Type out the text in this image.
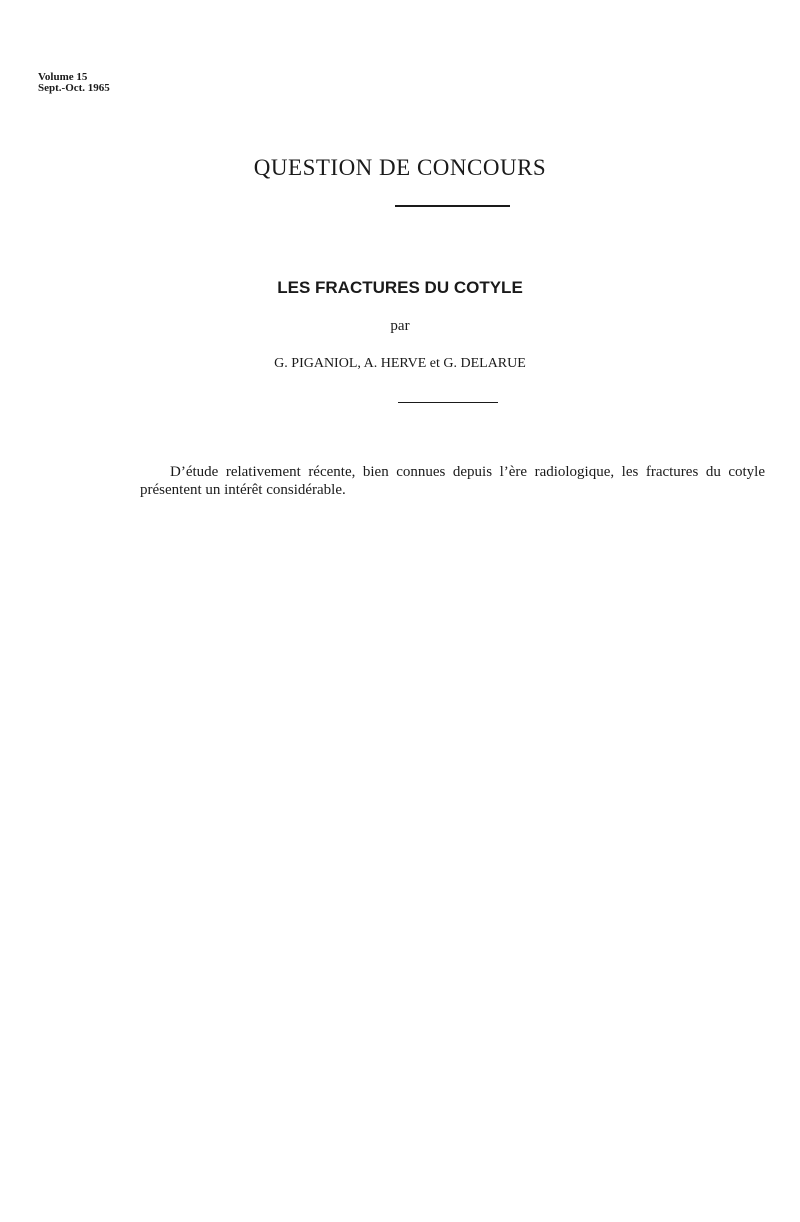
Volume 15
Sept.-Oct. 1965
QUESTION DE CONCOURS
LES FRACTURES DU COTYLE
par
G. PIGANIOL, A. HERVE et G. DELARUE

D’étude relativement récente, bien connues depuis l’ère radiologique, les fractures du cotyle présentent un intérêt considérable.
